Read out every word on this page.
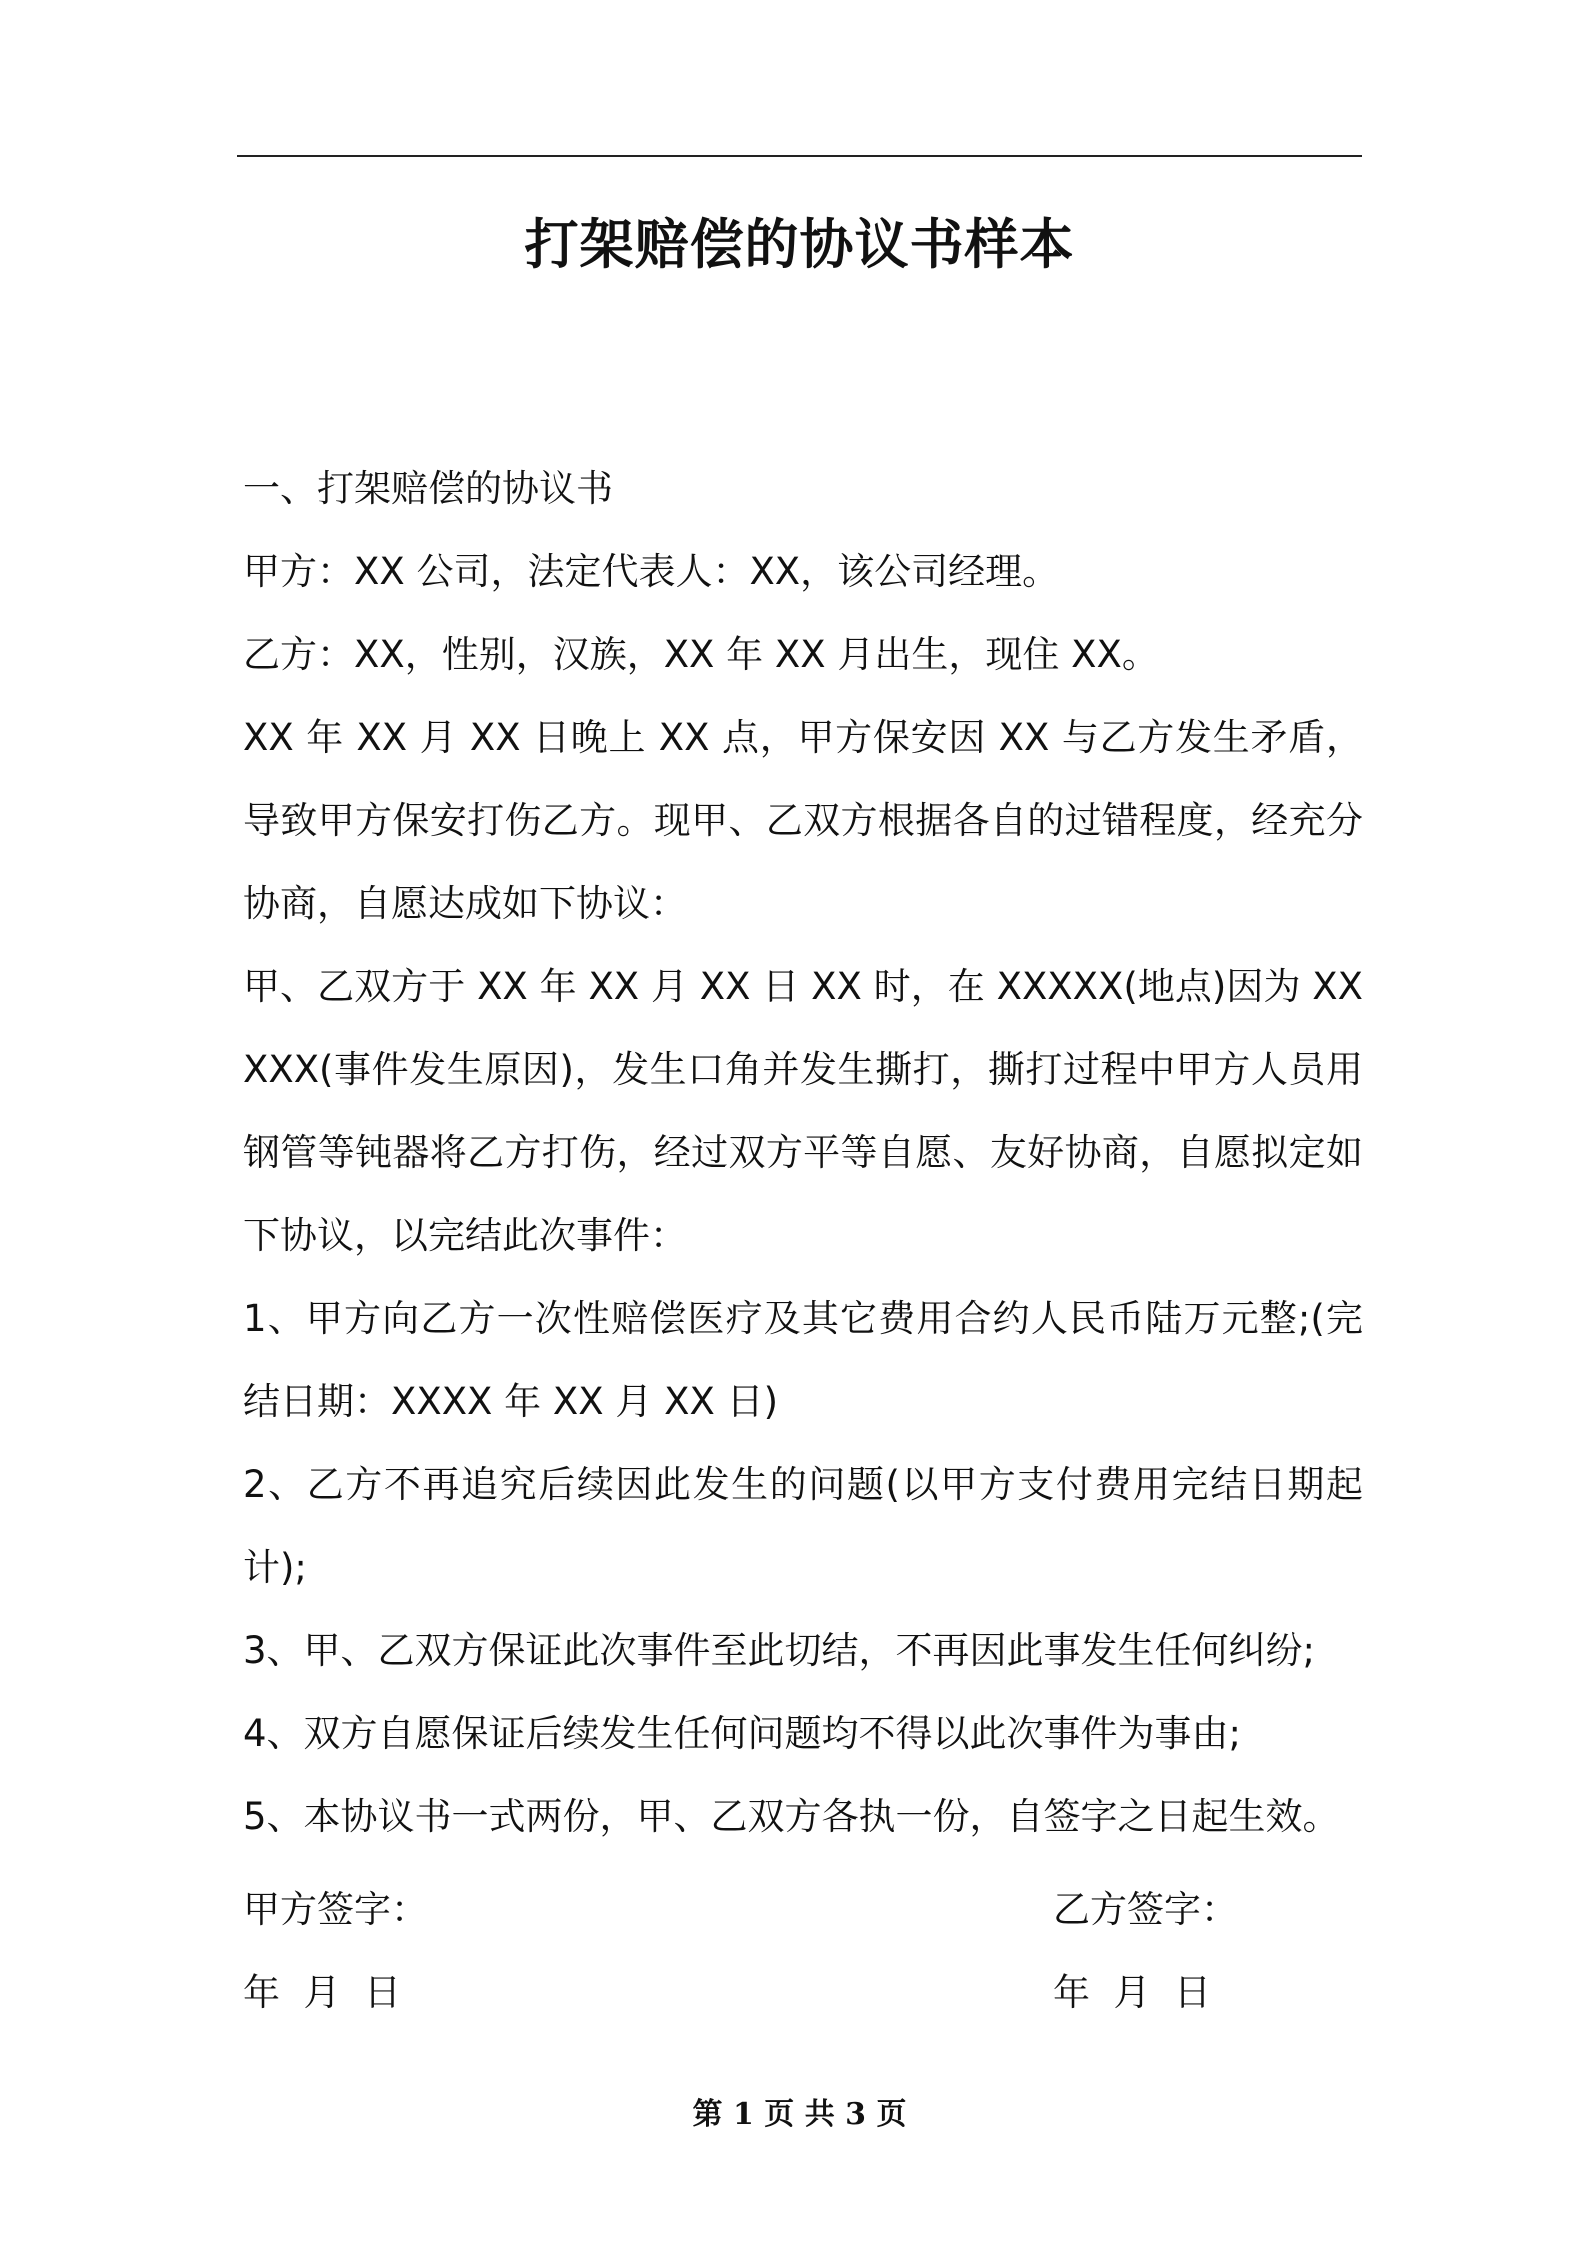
打架赔偿的协议书样本

一、打架赔偿的协议书

甲方：XX 公司，法定代表人：XX，该公司经理。

乙方：XX，性别，汉族，XX 年 XX 月出生，现住 XX。

XX 年 XX 月 XX 日晚上 XX 点，甲方保安因 XX 与乙方发生矛盾，导致甲方保安打伤乙方。现甲、乙双方根据各自的过错程度，经充分协商，自愿达成如下协议：

甲、乙双方于 XX 年 XX 月 XX 日 XX 时，在 XXXXX(地点)因为 XXXXX(事件发生原因)，发生口角并发生撕打，撕打过程中甲方人员用钢管等钝器将乙方打伤，经过双方平等自愿、友好协商，自愿拟定如下协议，以完结此次事件：

1、甲方向乙方一次性赔偿医疗及其它费用合约人民币陆万元整;(完结日期：XXXX 年 XX 月 XX 日)

2、乙方不再追究后续因此发生的问题(以甲方支付费用完结日期起计);

3、甲、乙双方保证此次事件至此切结，不再因此事发生任何纠纷;

4、双方自愿保证后续发生任何问题均不得以此次事件为事由;

5、本协议书一式两份，甲、乙双方各执一份，自签字之日起生效。

甲方签字：	乙方签字：
年  月  日	年  月  日
第 1 页 共 3 页
